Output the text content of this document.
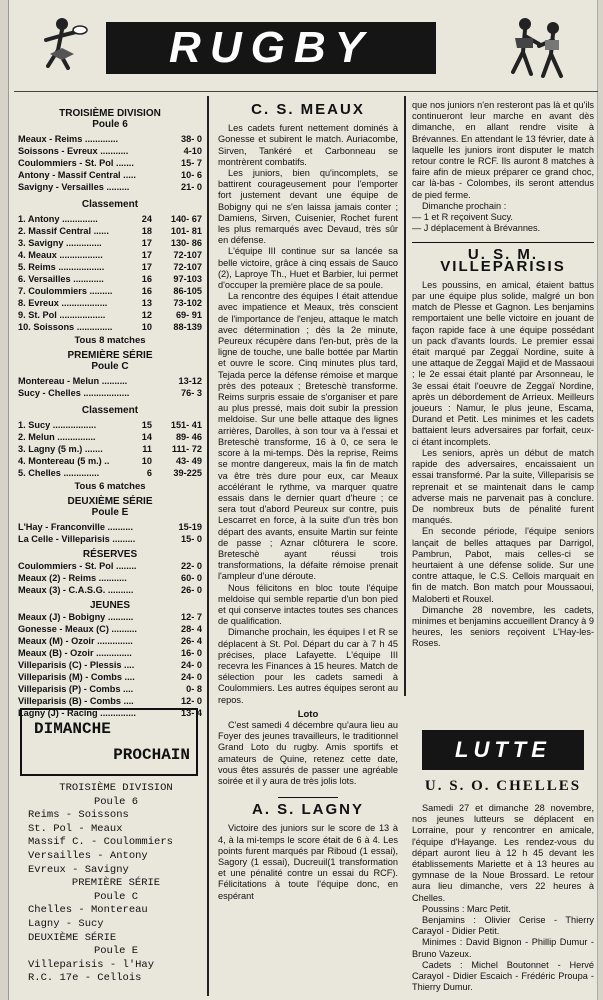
RUGBY
TROISIÈME DIVISION
Poule 6
Meaux - Reims .............	38- 0
Soissons - Evreux ...........	4-10
Coulommiers - St. Pol .......	15- 7
Antony - Massif Central .....	10- 6
Savigny - Versailles .........	21- 0
Classement
1. Antony ..............	24	140- 67
2. Massif Central ......	18	101- 81
3. Savigny ..............	17	130- 86
4. Meaux .................	17	72-107
5. Reims ..................	17	72-107
6. Versailles ............	16	97-103
7. Coulommiers .........	16	86-105
8. Evreux ..................	13	73-102
9. St. Pol ..................	12	69- 91
10. Soissons ..............	10	88-139
Tous 8 matches
PREMIÈRE SÉRIE
Poule C
Montereau - Melun ..........	13-12
Sucy - Chelles ..................	76- 3
Classement
1. Sucy .................	15	151- 41
2. Melun ...............	14	89- 46
3. Lagny (5 m.) .......	11	111- 72
4. Montereau (5 m.) ..	10	43- 49
5. Chelles ..............	6	39-225
Tous 6 matches
DEUXIÈME SÉRIE
Poule E
L'Hay - Franconville ..........	15-19
La Celle - Villeparisis .........	15- 0
RÉSERVES
Coulommiers - St. Pol ........	22- 0
Meaux (2) - Reims ...........	60- 0
Meaux (3) - C.A.S.G. ..........	26- 0
JEUNES
Meaux (J) - Bobigny ..........	12- 7
Gonesse - Meaux (C) ..........	28- 4
Meaux (M) - Ozoir ..............	26- 4
Meaux (B) - Ozoir ..............	16- 0
Villeparisis (C) - Plessis ....	24- 0
Villeparisis (M) - Combs ....	24- 0
Villeparisis (P) - Combs ....	0- 8
Villeparisis (B) - Combs ....	12- 0
Lagny (J) - Racing ..............	13- 4
DIMANCHE
PROCHAIN
TROISIÈME DIVISION
Poule 6
Reims - Soissons
St. Pol - Meaux
Massif C. - Coulommiers
Versailles - Antony
Evreux - Savigny
PREMIÈRE SÉRIE
Poule C
Chelles - Montereau
Lagny - Sucy
DEUXIÈME SÉRIE
Poule E
Villeparisis - l'Hay
R.C. 17e - Cellois
C. S. MEAUX
Les cadets furent nettement dominés à Gonesse et subirent le match. Auriacombe, Sirven, Tankéré et Carbonneau se montrèrent combatifs.
Les juniors, bien qu'incomplets, se battirent courageusement pour l'emporter fort justement devant une équipe de Bobigny qui ne s'en laissa jamais conter ; Damiens, Sirven, Cuisenier, Rochet furent les plus remarqués avec Devaud, très sûr en défense.
L'équipe III continue sur sa lancée sa belle victoire, grâce à cinq essais de Sauco (2), Laproye Th., Huet et Barbier, lui permet d'occuper la première place de sa poule.
La rencontre des équipes I était attendue avec impatience et Meaux, très conscient de l'importance de l'enjeu, attaque le match avec détermination ; dès la 2e minute, Peureux récupère dans l'en-but, près de la ligne de touche, une balle bottée par Martin et ouvre le score. Cinq minutes plus tard, Tejada perce la défense rémoise et marque près des poteaux ; Breteschè transforme. Reims surpris essaie de s'organiser et pare au plus pressé, mais doit subir la pression meldoise. Sur une belle attaque des lignes arrières, Darolles, à son tour va à l'essai et Breteschè transforme, 16 à 0, ce sera le score à la mi-temps. Dès la reprise, Reims se montre dangereux, mais la fin de match va être très dure pour eux, car Meaux accélérant le rythme, va marquer quatre essais dans le dernier quart d'heure ; ce sera tout d'abord Peureux sur contre, puis Lescarret en force, à la suite d'un très bon départ des avants, ensuite Martin sur feinte de passe ; Aznar clôturera le score. Breteschè ayant réussi trois transformations, la défaite rémoise prenait l'ampleur d'une déroute.
Nous félicitons en bloc toute l'équipe meldoise qui semble repartie d'un bon pied et qui conserve intactes toutes ses chances de qualification.
Dimanche prochain, les équipes I et R se déplacent à St. Pol. Départ du car à 7 h 45 précises, place Lafayette. L'équipe III recevra les Finances à 15 heures. Match de sélection pour les cadets samedi à Coulommiers. Les autres équipes seront au repos.
Loto
C'est samedi 4 décembre qu'aura lieu au Foyer des jeunes travailleurs, le traditionnel Grand Loto du rugby. Amis sportifs et amateurs de Quine, retenez cette date, vous êtes assurés de passer une agréable soirée et il y aura de très jolis lots.
A. S. LAGNY
Victoire des juniors sur le score de 13 à 4, à la mi-temps le score était de 6 à 4. Les points furent marqués par Riboud (1 essai), Sagory (1 essai), Ducreuil(1 transformation et une pénalité contre un essai du RCF). Félicitations à toute l'équipe donc, en espérant
que nos juniors n'en resteront pas là et qu'ils continueront leur marche en avant dès dimanche, en allant rendre visite à Brévannes. En attendant le 13 février, date à laquelle les juniors iront disputer le match retour contre le RCF. Ils auront 8 matches à faire afin de mieux préparer ce grand choc, car là-bas - Colombes, ils seront attendus de pied ferme.
Dimanche prochain :
— 1 et R reçoivent Sucy.
— J déplacement à Brévannes.
U. S. M. VILLEPARISIS
Les poussins, en amical, étaient battus par une équipe plus solide, malgré un bon match de Plesse et Gagnon. Les benjamins remportaient une belle victoire en jouant de façon rapide face à une équipe possédant un pack d'avants lourds. Le premier essai était marqué par Zeggaï Nordine, suite à une attaque de Zeggaï Majid et de Massaoui ; le 2e essai était planté par Arsonneau, le 3e essai était l'oeuvre de Zeggaï Nordine, après un débordement de Arrieux. Meilleurs joueurs : Namur, le plus jeune, Escama, Durand et Petit. Les minimes et les cadets battaient leurs adversaires par forfait, ceux-ci étant incomplets.
Les seniors, après un début de match rapide des adversaires, encaissaient un essai transformé. Par la suite, Villeparisis se reprenait et se maintenait dans le camp adverse mais ne parvenait pas à conclure. De nombreux buts de pénalité furent manqués.
En seconde période, l'équipe seniors lançait de belles attaques par Darrigol, Pambrun, Pabot, mais celles-ci se heurtaient à une défense solide. Sur une contre attaque, le C.S. Cellois marquait en fin de match. Bon match pour Moussaoui, Maloberti et Rouxel.
Dimanche 28 novembre, les cadets, minimes et benjamins accueillent Drancy à 9 heures, les seniors reçoivent L'Hay-les-Roses.
LUTTE
U. S. O. CHELLES
Samedi 27 et dimanche 28 novembre, nos jeunes lutteurs se déplacent en Lorraine, pour y rencontrer en amicale, l'équipe d'Hayange. Les rendez-vous du départ auront lieu à 12 h 45 devant les établissements Mariette et à 13 heures au gymnase de la Noue Brossard. Le retour aura lieu dimanche, vers 22 heures à Chelles.
Poussins : Marc Petit.
Benjamins : Olivier Cerise - Thierry Carayol - Didier Petit.
Minimes : David Bignon - Phillip Dumur - Bruno Vazeux.
Cadets : Michel Boutonnet - Hervé Carayol - Didier Escaich - Frédéric Proupa - Thierry Dumur.
